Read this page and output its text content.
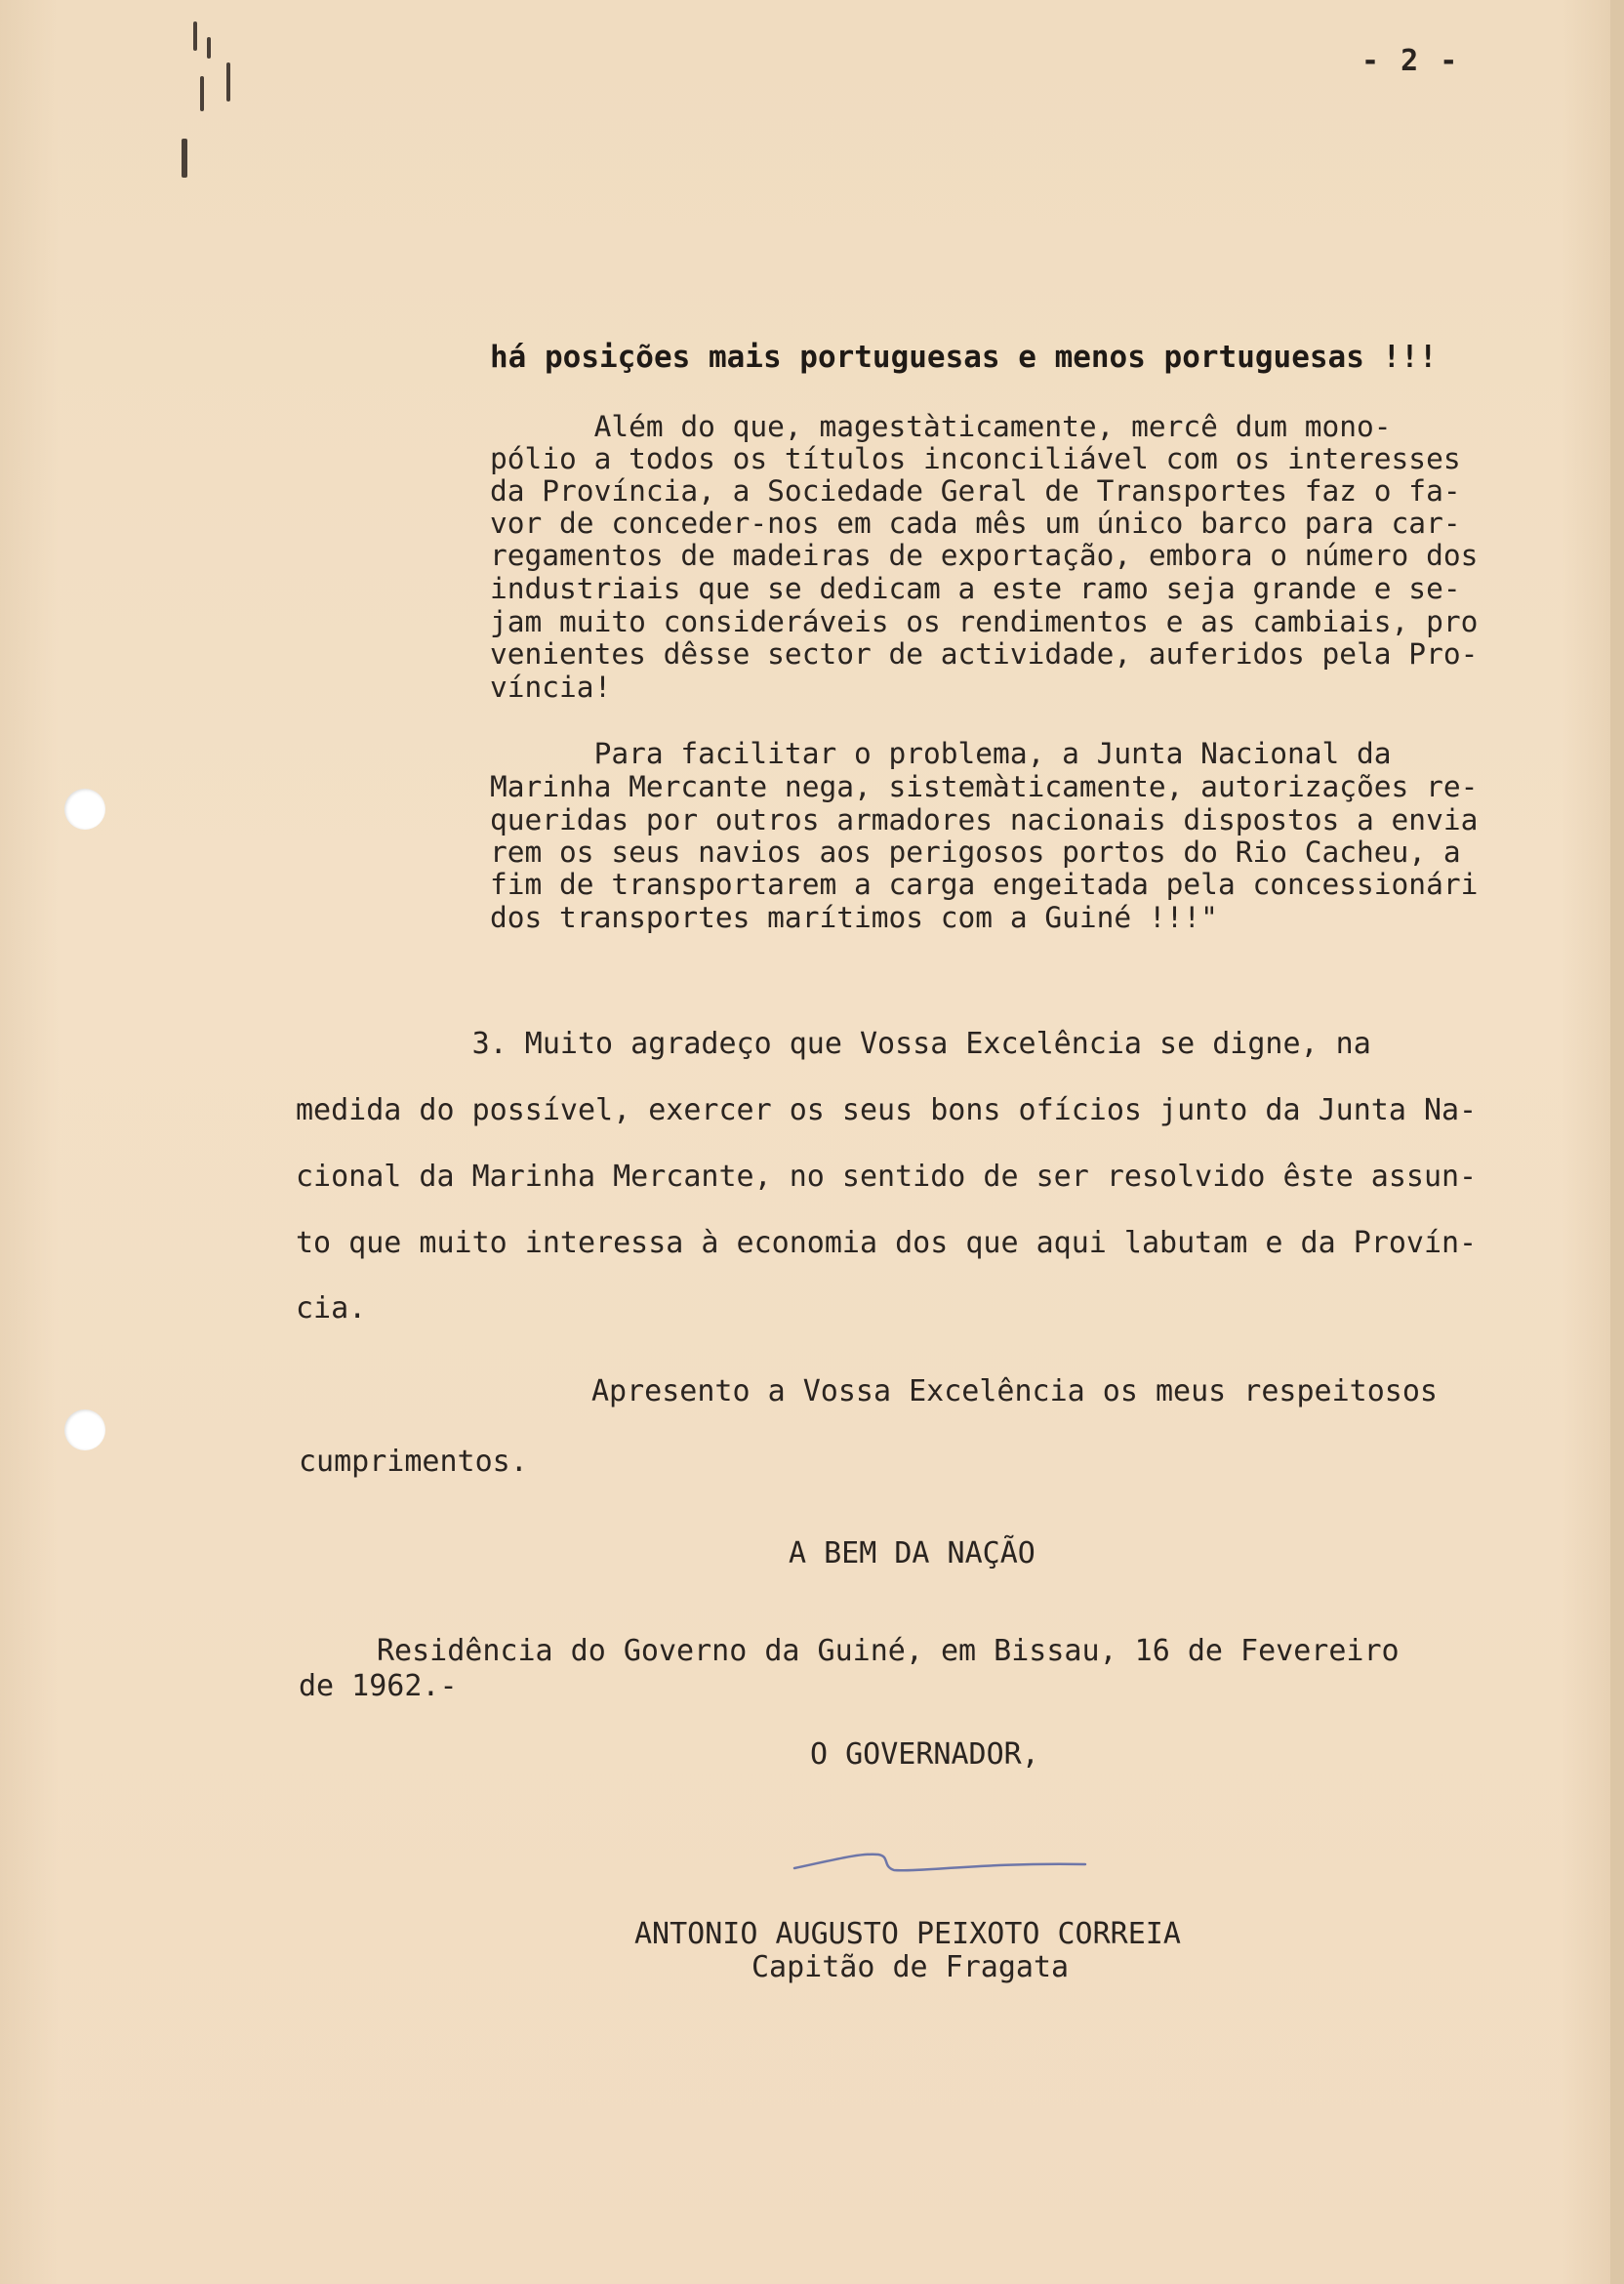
- 2 -
há posições mais portuguesas e menos portuguesas !!!
Além do que, magestàticamente, mercê dum mono-
pólio a todos os títulos inconciliável com os interesses
da Província, a Sociedade Geral de Transportes faz o fa-
vor de conceder-nos em cada mês um único barco para car-
regamentos de madeiras de exportação, embora o número dos
industriais que se dedicam a este ramo seja grande e se-
jam muito consideráveis os rendimentos e as cambiais, pro
venientes dêsse sector de actividade, auferidos pela Pro-
víncia!
Para facilitar o problema, a Junta Nacional da
Marinha Mercante nega, sistemàticamente, autorizações re-
queridas por outros armadores nacionais dispostos a envia
rem os seus navios aos perigosos portos do Rio Cacheu, a
fim de transportarem a carga engeitada pela concessionári
dos transportes marítimos com a Guiné !!!"
3. Muito agradeço que Vossa Excelência se digne, na
medida do possível, exercer os seus bons ofícios junto da Junta Na-
cional da Marinha Mercante, no sentido de ser resolvido êste assun-
to que muito interessa à economia dos que aqui labutam e da Provín-
cia.
Apresento a Vossa Excelência os meus respeitosos
cumprimentos.
A BEM DA NAÇÃO
Residência do Governo da Guiné, em Bissau, 16 de Fevereiro
de 1962.-
O GOVERNADOR,
ANTONIO AUGUSTO PEIXOTO CORREIA
Capitão de Fragata
